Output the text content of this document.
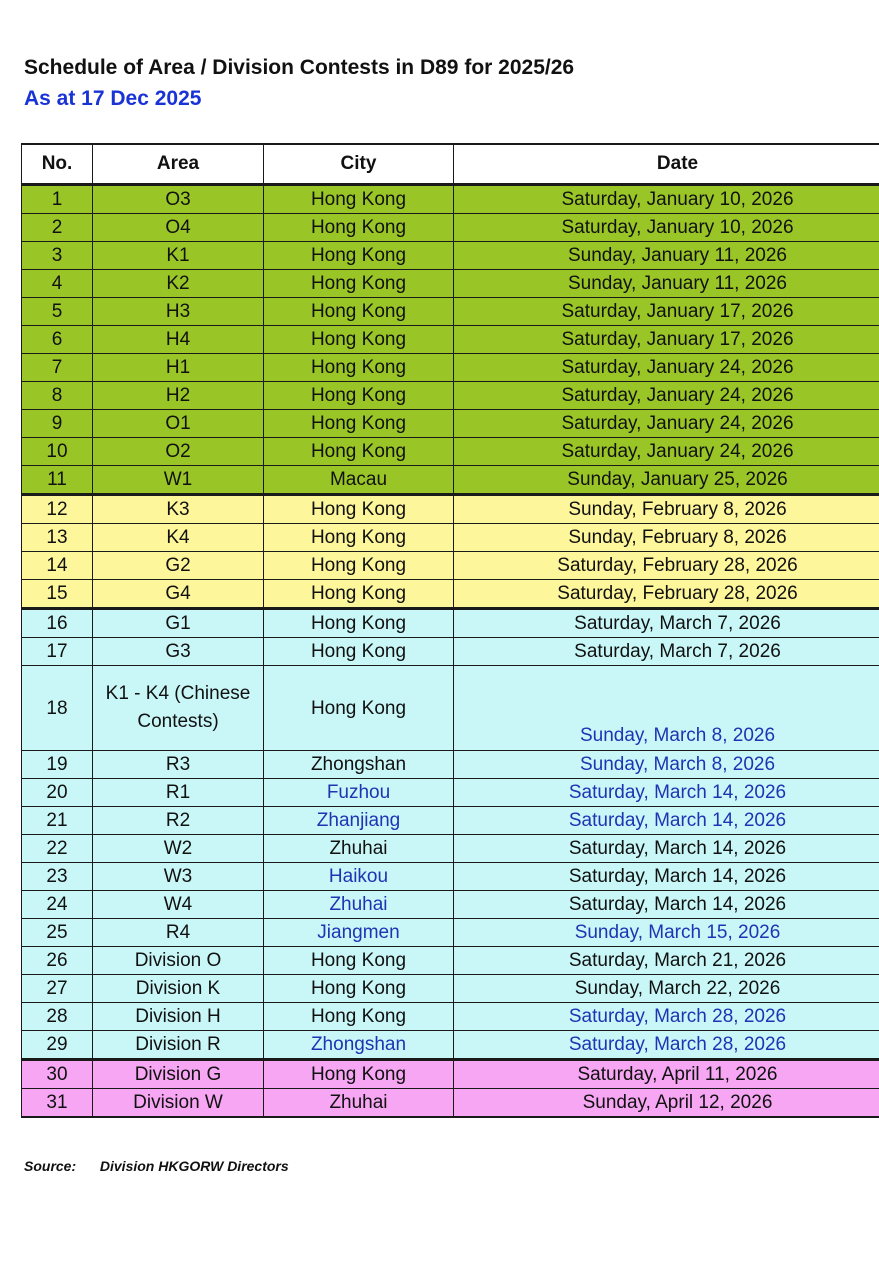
Schedule of Area / Division Contests in D89 for 2025/26
As at 17 Dec 2025
No.	Area	City	Date
1	O3	Hong Kong	Saturday, January 10, 2026
2	O4	Hong Kong	Saturday, January 10, 2026
3	K1	Hong Kong	Sunday, January 11, 2026
4	K2	Hong Kong	Sunday, January 11, 2026
5	H3	Hong Kong	Saturday, January 17, 2026
6	H4	Hong Kong	Saturday, January 17, 2026
7	H1	Hong Kong	Saturday, January 24, 2026
8	H2	Hong Kong	Saturday, January 24, 2026
9	O1	Hong Kong	Saturday, January 24, 2026
10	O2	Hong Kong	Saturday, January 24, 2026
11	W1	Macau	Sunday, January 25, 2026
12	K3	Hong Kong	Sunday, February 8, 2026
13	K4	Hong Kong	Sunday, February 8, 2026
14	G2	Hong Kong	Saturday, February 28, 2026
15	G4	Hong Kong	Saturday, February 28, 2026
16	G1	Hong Kong	Saturday, March 7, 2026
17	G3	Hong Kong	Saturday, March 7, 2026
18	K1 - K4 (Chinese Contests)	Hong Kong	Sunday, March 8, 2026
19	R3	Zhongshan	Sunday, March 8, 2026
20	R1	Fuzhou	Saturday, March 14, 2026
21	R2	Zhanjiang	Saturday, March 14, 2026
22	W2	Zhuhai	Saturday, March 14, 2026
23	W3	Haikou	Saturday, March 14, 2026
24	W4	Zhuhai	Saturday, March 14, 2026
25	R4	Jiangmen	Sunday, March 15, 2026
26	Division O	Hong Kong	Saturday, March 21, 2026
27	Division K	Hong Kong	Sunday, March 22, 2026
28	Division H	Hong Kong	Saturday, March 28, 2026
29	Division R	Zhongshan	Saturday, March 28, 2026
30	Division G	Hong Kong	Saturday, April 11, 2026
31	Division W	Zhuhai	Sunday, April 12, 2026
Source: Division HKGORW Directors
